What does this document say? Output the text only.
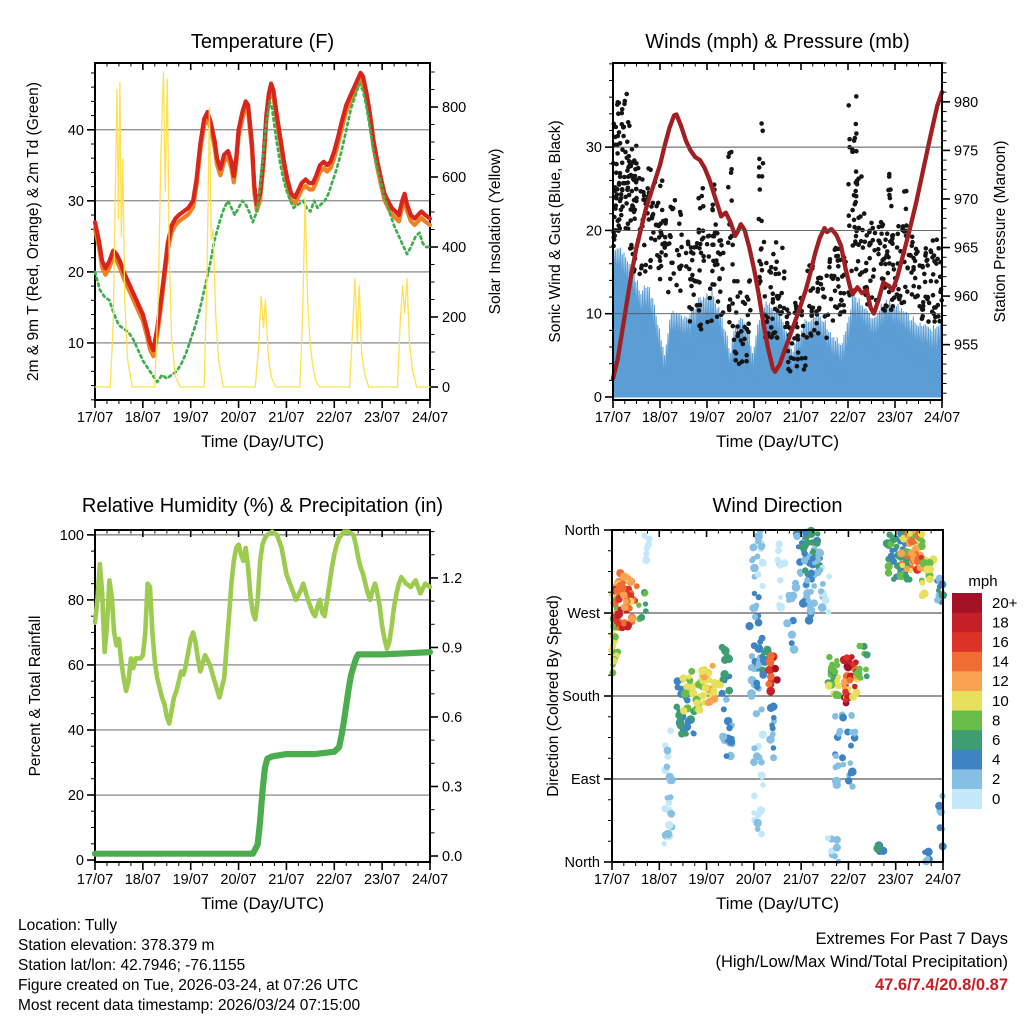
17/07 18/07 19/07 20/07 21/07 22/07 23/07 24/07
10
20
30
40
0
200
400
600
800
Temperature (F)
Time (Day/UTC)
2m & 9m T (Red, Orange) & 2m Td (Green)	Solar Insolation (Yellow)
17/07 18/07 19/07 20/07 21/07 22/07 23/07 24/07
0
10
20
30
955
960
965
970
975
980
Winds (mph) & Pressure (mb)
Time (Day/UTC)
Sonic Wind & Gust (Blue, Black)	Station Pressure (Maroon)
17/07 18/07 19/07 20/07 21/07 22/07 23/07 24/07
0
20
40
60
80
100
0.0
0.3
0.6
0.9
1.2
Relative Humidity (%) & Precipitation (in)
Time (Day/UTC)
Percent & Total Rainfall
17/07 18/07 19/07 20/07 21/07 22/07 23/07 24/07
North
East
South
West
North
Wind Direction
Time (Day/UTC)
Direction (Colored By Speed)
mph
20+
18
16
14
12
10
8
6
4
2
0
Location: Tully
Station elevation: 378.379 m
Station lat/lon: 42.7946; -76.1155
Figure created on Tue, 2026-03-24, at 07:26 UTC
Most recent data timestamp: 2026/03/24 07:15:00
Extremes For Past 7 Days
(High/Low/Max Wind/Total Precipitation)
47.6/7.4/20.8/0.87
